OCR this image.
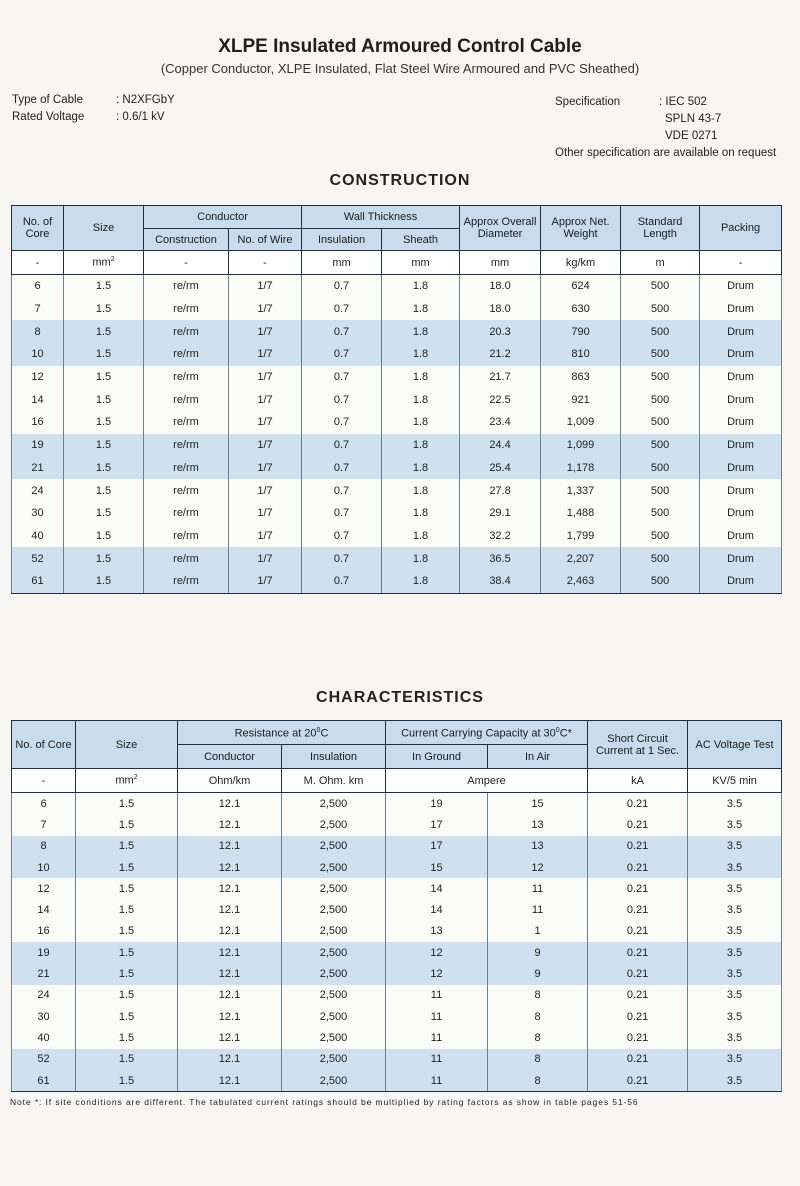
XLPE Insulated Armoured Control Cable
(Copper Conductor, XLPE Insulated, Flat Steel Wire Armoured and PVC Sheathed)
Type of Cable	: N2XFGbY
Rated Voltage	: 0.6/1 kV
Specification	: IEC 502
SPLN 43-7
VDE 0271
Other specification are available on request
CONSTRUCTION
No. of Core	Size	Conductor		Wall Thickness		Approx Overall Diameter	Approx Net. Weight	Standard Length	Packing
		Construction	No. of Wire	Insulation	Sheath				
-	$mm^2$	-	-	mm	mm	mm	kg/km	m	-
6	1.5	re/rm	1/7	0.7	1.8	18.0	624	500	Drum
7	1.5	re/rm	1/7	0.7	1.8	18.0	630	500	Drum
8	1.5	re/rm	1/7	0.7	1.8	20.3	790	500	Drum
10	1.5	re/rm	1/7	0.7	1.8	21.2	810	500	Drum
12	1.5	re/rm	1/7	0.7	1.8	21.7	863	500	Drum
14	1.5	re/rm	1/7	0.7	1.8	22.5	921	500	Drum
16	1.5	re/rm	1/7	0.7	1.8	23.4	1,009	500	Drum
19	1.5	re/rm	1/7	0.7	1.8	24.4	1,099	500	Drum
21	1.5	re/rm	1/7	0.7	1.8	25.4	1,178	500	Drum
24	1.5	re/rm	1/7	0.7	1.8	27.8	1,337	500	Drum
30	1.5	re/rm	1/7	0.7	1.8	29.1	1,488	500	Drum
40	1.5	re/rm	1/7	0.7	1.8	32.2	1,799	500	Drum
52	1.5	re/rm	1/7	0.7	1.8	36.5	2,207	500	Drum
61	1.5	re/rm	1/7	0.7	1.8	38.4	2,463	500	Drum
CHARACTERISTICS
No. of Core	Size	Resistance at $20^0C$		Current Carrying Capacity at $30^0C*$		Short Circuit Current at 1 Sec.	AC Voltage Test
		Conductor	Insulation	In Ground	In Air		
-	$mm^2$	Ohm/km	M. Ohm. km	Ampere		kA	KV/5 min
6	1.5	12.1	2,500	19	15	0.21	3.5
7	1.5	12.1	2,500	17	13	0.21	3.5
8	1.5	12.1	2,500	17	13	0.21	3.5
10	1.5	12.1	2,500	15	12	0.21	3.5
12	1.5	12.1	2,500	14	11	0.21	3.5
14	1.5	12.1	2,500	14	11	0.21	3.5
16	1.5	12.1	2,500	13	1	0.21	3.5
19	1.5	12.1	2,500	12	9	0.21	3.5
21	1.5	12.1	2,500	12	9	0.21	3.5
24	1.5	12.1	2,500	11	8	0.21	3.5
30	1.5	12.1	2,500	11	8	0.21	3.5
40	1.5	12.1	2,500	11	8	0.21	3.5
52	1.5	12.1	2,500	11	8	0.21	3.5
61	1.5	12.1	2,500	11	8	0.21	3.5
Note *: If site conditions are different. The tabulated current ratings should be multiplied by rating factors as show in table pages 51-56
